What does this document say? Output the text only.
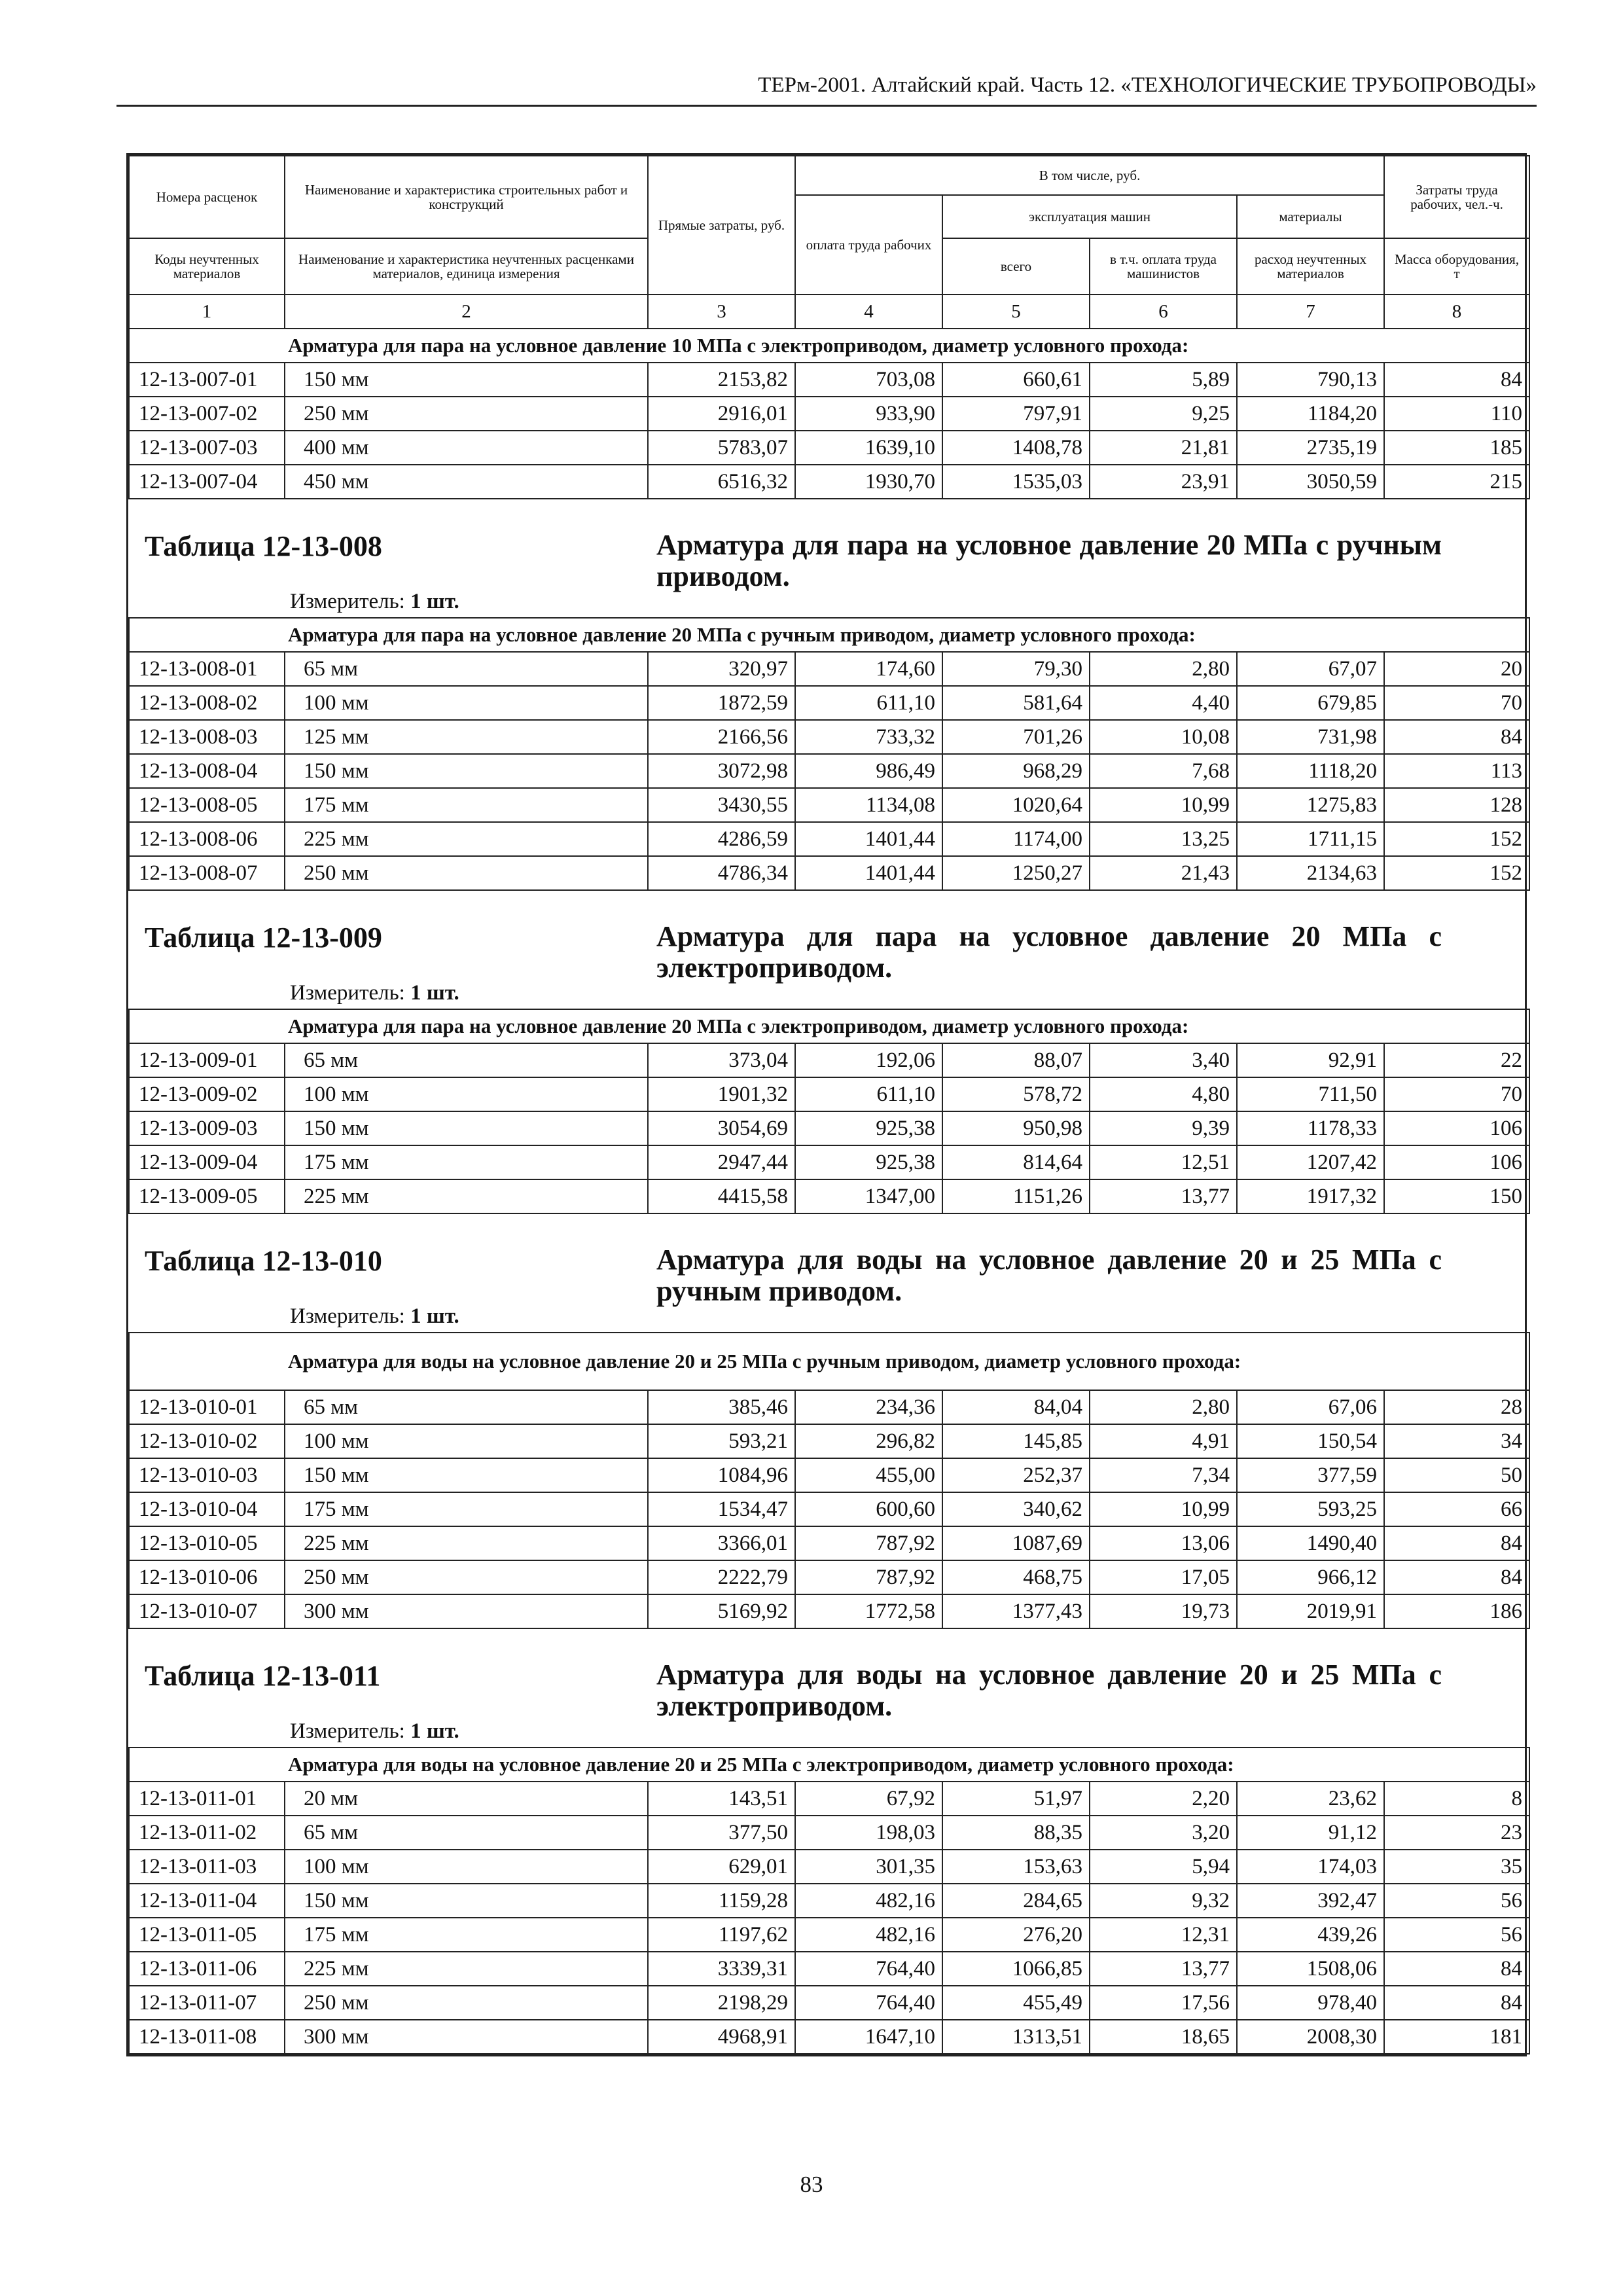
ТЕРм-2001. Алтайский край. Часть 12. «ТЕХНОЛОГИЧЕСКИЕ ТРУБОПРОВОДЫ»
Номера расценок	Наименование и характеристика строительных работ и конструкций	Прямые затраты, руб.	В том числе, руб.				Затраты труда рабочих, чел.-ч.
			оплата труда рабочих	эксплуатация машин		материалы	
Коды неучтенных материалов	Наименование и характеристика неучтенных расценками материалов, единица измерения			всего	в т.ч. оплата труда машинистов	расход неучтенных материалов	Масса оборудования, т

1	2	3	4	5	6	7	8
Арматура для пара на условное давление 10 МПа с электроприводом, диаметр условного прохода:							
12-13-007-01	150 мм	2153,82	703,08	660,61	5,89	790,13	84
12-13-007-02	250 мм	2916,01	933,90	797,91	9,25	1184,20	110
12-13-007-03	400 мм	5783,07	1639,10	1408,78	21,81	2735,19	185
12-13-007-04	450 мм	6516,32	1930,70	1535,03	23,91	3050,59	215

Таблица 12-13-008 Арматура для пара на условное давление 20 МПа с ручным приводом.
Измеритель: 1 шт.							

Арматура для пара на условное давление 20 МПа с ручным приводом, диаметр условного прохода:							
12-13-008-01	65 мм	320,97	174,60	79,30	2,80	67,07	20
12-13-008-02	100 мм	1872,59	611,10	581,64	4,40	679,85	70
12-13-008-03	125 мм	2166,56	733,32	701,26	10,08	731,98	84
12-13-008-04	150 мм	3072,98	986,49	968,29	7,68	1118,20	113
12-13-008-05	175 мм	3430,55	1134,08	1020,64	10,99	1275,83	128
12-13-008-06	225 мм	4286,59	1401,44	1174,00	13,25	1711,15	152
12-13-008-07	250 мм	4786,34	1401,44	1250,27	21,43	2134,63	152

Таблица 12-13-009 Арматура для пара на условное давление 20 МПа с электроприводом.
Измеритель: 1 шт.							

Арматура для пара на условное давление 20 МПа с электроприводом, диаметр условного прохода:							
12-13-009-01	65 мм	373,04	192,06	88,07	3,40	92,91	22
12-13-009-02	100 мм	1901,32	611,10	578,72	4,80	711,50	70
12-13-009-03	150 мм	3054,69	925,38	950,98	9,39	1178,33	106
12-13-009-04	175 мм	2947,44	925,38	814,64	12,51	1207,42	106
12-13-009-05	225 мм	4415,58	1347,00	1151,26	13,77	1917,32	150

Таблица 12-13-010 Арматура для воды на условное давление 20 и 25 МПа с ручным приводом.
Измеритель: 1 шт.							

Арматура для воды на условное давление 20 и 25 МПа с ручным приводом, диаметр условного прохода:							
12-13-010-01	65 мм	385,46	234,36	84,04	2,80	67,06	28
12-13-010-02	100 мм	593,21	296,82	145,85	4,91	150,54	34
12-13-010-03	150 мм	1084,96	455,00	252,37	7,34	377,59	50
12-13-010-04	175 мм	1534,47	600,60	340,62	10,99	593,25	66
12-13-010-05	225 мм	3366,01	787,92	1087,69	13,06	1490,40	84
12-13-010-06	250 мм	2222,79	787,92	468,75	17,05	966,12	84
12-13-010-07	300 мм	5169,92	1772,58	1377,43	19,73	2019,91	186

Таблица 12-13-011 Арматура для воды на условное давление 20 и 25 МПа с электроприводом.
Измеритель: 1 шт.							

Арматура для воды на условное давление 20 и 25 МПа с электроприводом, диаметр условного прохода:							
12-13-011-01	20 мм	143,51	67,92	51,97	2,20	23,62	8
12-13-011-02	65 мм	377,50	198,03	88,35	3,20	91,12	23
12-13-011-03	100 мм	629,01	301,35	153,63	5,94	174,03	35
12-13-011-04	150 мм	1159,28	482,16	284,65	9,32	392,47	56
12-13-011-05	175 мм	1197,62	482,16	276,20	12,31	439,26	56
12-13-011-06	225 мм	3339,31	764,40	1066,85	13,77	1508,06	84
12-13-011-07	250 мм	2198,29	764,40	455,49	17,56	978,40	84
12-13-011-08	300 мм	4968,91	1647,10	1313,51	18,65	2008,30	181
83
